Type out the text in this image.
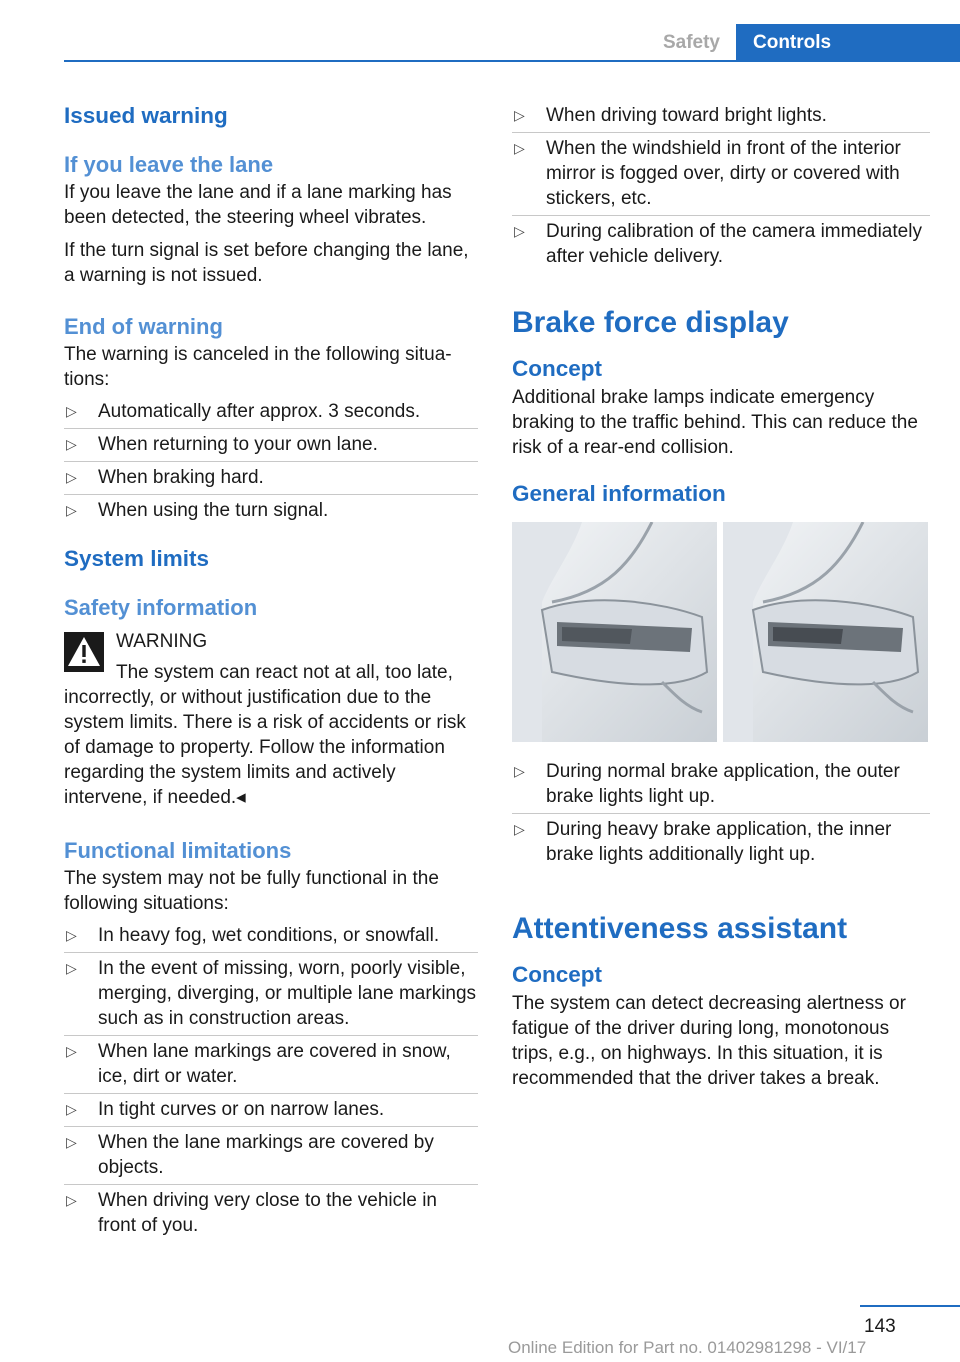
Safety	Controls
Issued warning
If you leave the lane

If you leave the lane and if a lane marking has been detected, the steering wheel vibrates.

If the turn signal is set before changing the lane, a warning is not issued.

End of warning

The warning is canceled in the following situations:

▷ Automatically after approx. 3 seconds.
▷ When returning to your own lane.
▷ When braking hard.
▷ When using the turn signal.
System limits
Safety information
WARNING
The system can react not at all, too late,

incorrectly, or without justification due to the system limits. There is a risk of accidents or risk of damage to property. Follow the information regarding the system limits and actively intervene, if needed.◂

Functional limitations

The system may not be fully functional in the following situations:

▷ In heavy fog, wet conditions, or snowfall.
▷ In the event of missing, worn, poorly visible, merging, diverging, or multiple lane markings such as in construction areas.
▷ When lane markings are covered in snow, ice, dirt or water.
▷ In tight curves or on narrow lanes.
▷ When the lane markings are covered by objects.
▷ When driving very close to the vehicle in front of you.
▷ When driving toward bright lights.
▷ When the windshield in front of the interior mirror is fogged over, dirty or covered with stickers, etc.
▷ During calibration of the camera immediately after vehicle delivery.
Brake force display
Concept

Additional brake lamps indicate emergency braking to the traffic behind. This can reduce the risk of a rear-end collision.

General information
▷ During normal brake application, the outer brake lights light up.
▷ During heavy brake application, the inner brake lights additionally light up.
Attentiveness assistant
Concept

The system can detect decreasing alertness or fatigue of the driver during long, monotonous trips, e.g., on highways. In this situation, it is recommended that the driver takes a break.

143
Online Edition for Part no. 01402981298 - VI/17
